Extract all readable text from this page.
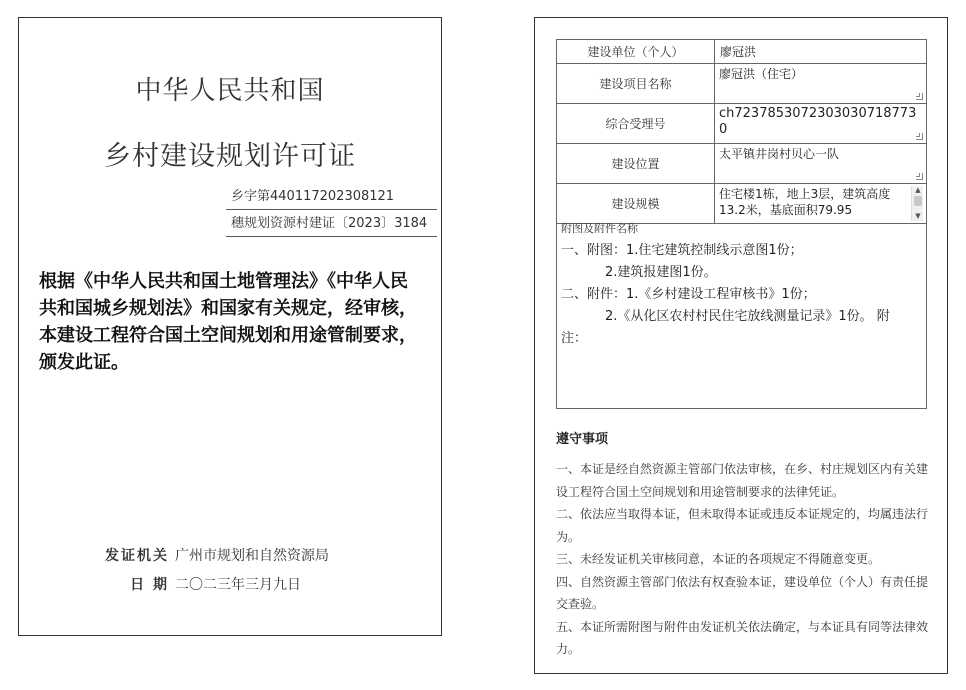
中华人民共和国
乡村建设规划许可证
乡字第440117202308121
穗规划资源村建证〔2023〕3184
根据《中华人民共和国土地管理法》《中华人民共和国城乡规划法》和国家有关规定，经审核，本建设工程符合国土空间规划和用途管制要求，颁发此证。
发证机关 广州市规划和自然资源局
日 期 二〇二三年三月九日
建设单位（个人）	廖冠洪
建设项目名称	廖冠洪（住宅）

综合受理号	ch72378530723030307187730

建设位置	太平镇井岗村贝心一队

建设规模	住宅楼1栋，地上3层，建筑高度13.2米，基底面积79.95
▲
▼
附图及附件名称
一、附图：1.住宅建筑控制线示意图1份；
2.建筑报建图1份。
二、附件：1.《乡村建设工程审核书》1份；
2.《从化区农村村民住宅放线测量记录》1份。 附
注：
遵守事项
一、本证是经自然资源主管部门依法审核，在乡、村庄规划区内有关建设工程符合国土空间规划和用途管制要求的法律凭证。
二、依法应当取得本证，但未取得本证或违反本证规定的，均属违法行为。
三、未经发证机关审核同意，本证的各项规定不得随意变更。
四、自然资源主管部门依法有权查验本证，建设单位（个人）有责任提交查验。
五、本证所需附图与附件由发证机关依法确定，与本证具有同等法律效力。
